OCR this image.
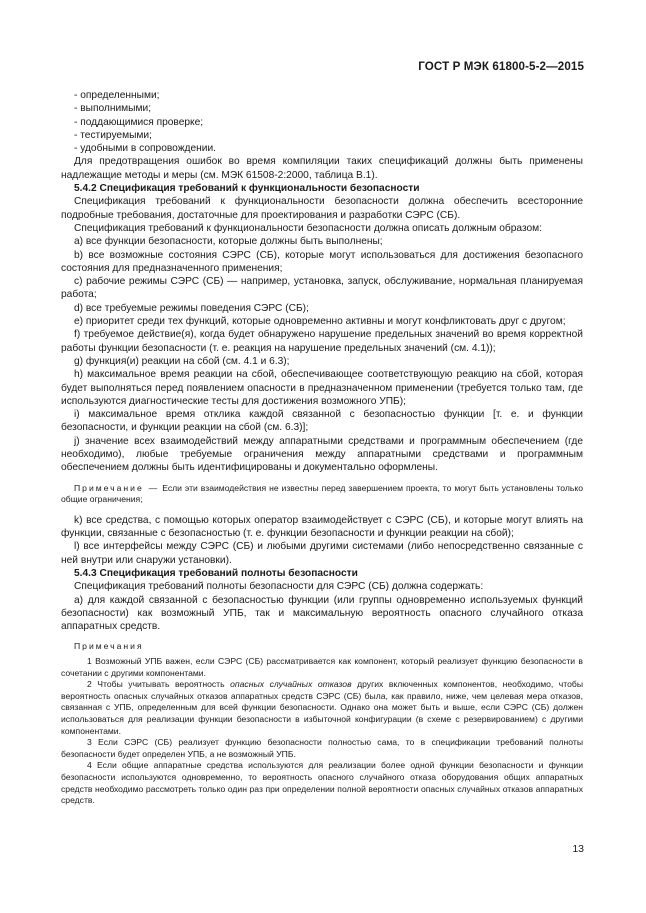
ГОСТ Р МЭК 61800-5-2—2015

- определенными;

- выполнимыми;

- поддающимися проверке;

- тестируемыми;

- удобными в сопровождении.

Для предотвращения ошибок во время компиляции таких спецификаций должны быть применены надлежащие методы и меры (см. МЭК 61508-2:2000, таблица В.1).

5.4.2 Спецификация требований к функциональности безопасности

Спецификация требований к функциональности безопасности должна обеспечить всесторонние подробные требования, достаточные для проектирования и разработки СЭРС (СБ).

Спецификация требований к функциональности безопасности должна описать должным образом:

а) все функции безопасности, которые должны быть выполнены;

b) все возможные состояния СЭРС (СБ), которые могут использоваться для достижения безопасного состояния для предназначенного применения;

с) рабочие режимы СЭРС (СБ) — например, установка, запуск, обслуживание, нормальная планируемая работа;

d) все требуемые режимы поведения СЭРС (СБ);

е) приоритет среди тех функций, которые одновременно активны и могут конфликтовать друг с другом;

f) требуемое действие(я), когда будет обнаружено нарушение предельных значений во время корректной работы функции безопасности (т. е. реакция на нарушение предельных значений (см. 4.1));

g) функция(и) реакции на сбой (см. 4.1 и 6.3);

h) максимальное время реакции на сбой, обеспечивающее соответствующую реакцию на сбой, которая будет выполняться перед появлением опасности в предназначенном применении (требуется только там, где используются диагностические тесты для достижения возможного УПБ);

i) максимальное время отклика каждой связанной с безопасностью функции [т. е. и функции безопасности, и функции реакции на сбой (см. 6.3)];

j) значение всех взаимодействий между аппаратными средствами и программным обеспечением (где необходимо), любые требуемые ограничения между аппаратными средствами и программным обеспечением должны быть идентифицированы и документально оформлены.

Примечание — Если эти взаимодействия не известны перед завершением проекта, то могут быть установлены только общие ограничения;

k) все средства, с помощью которых оператор взаимодействует с СЭРС (СБ), и которые могут влиять на функции, связанные с безопасностью (т. е. функции безопасности и функции реакции на сбой);

l) все интерфейсы между СЭРС (СБ) и любыми другими системами (либо непосредственно связанные с ней внутри или снаружи установки).

5.4.3 Спецификация требований полноты безопасности

Спецификация требований полноты безопасности для СЭРС (СБ) должна содержать:

а) для каждой связанной с безопасностью функции (или группы одновременно используемых функций безопасности) как возможный УПБ, так и максимальную вероятность опасного случайного отказа аппаратных средств.

Примечания

1 Возможный УПБ важен, если СЭРС (СБ) рассматривается как компонент, который реализует функцию безопасности в сочетании с другими компонентами.

2 Чтобы учитывать вероятность опасных случайных отказов других включенных компонентов, необходимо, чтобы вероятность опасных случайных отказов аппаратных средств СЭРС (СБ) была, как правило, ниже, чем целевая мера отказов, связанная с УПБ, определенным для всей функции безопасности. Однако она может быть и выше, если СЭРС (СБ) должен использоваться для реализации функции безопасности в избыточной конфигурации (в схеме с резервированием) с другими компонентами.

3 Если СЭРС (СБ) реализует функцию безопасности полностью сама, то в спецификации требований полноты безопасности будет определен УПБ, а не возможный УПБ.

4 Если общие аппаратные средства используются для реализации более одной функции безопасности и функции безопасности используются одновременно, то вероятность опасного случайного отказа оборудования общих аппаратных средств необходимо рассмотреть только один раз при определении полной вероятности опасных случайных отказов аппаратных средств.

13
